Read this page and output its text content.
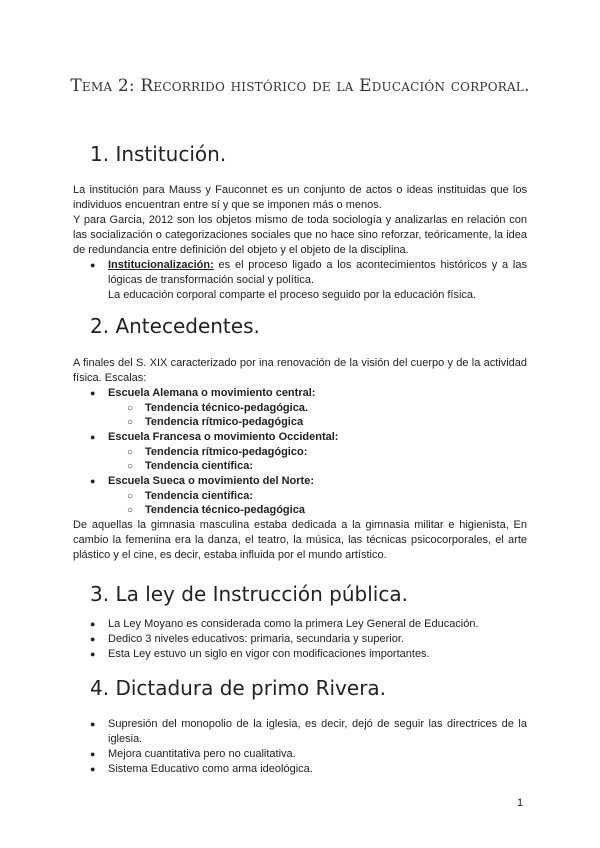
Tema 2: Recorrido histórico de la Educación corporal.
1. Institución.

La institución para Mauss y Fauconnet es un conjunto de actos o ideas instituidas que los individuos encuentran entre sí y que se imponen más o menos.

Y para Garcia, 2012 son los objetos mismo de toda sociología y analizarlas en relación con las socialización o categorizaciones sociales que no hace sino reforzar, teóricamente, la idea de redundancia entre definición del objeto y el objeto de la disciplina.

● Institucionalización: es el proceso ligado a los acontecimientos históricos y a las lógicas de transformación social y política.

La educación corporal comparte el proceso seguido por la educación física.

2. Antecedentes.

A finales del S. XIX caracterizado por ina renovación de la visión del cuerpo y de la actividad física. Escalas:

● Escuela Alemana o movimiento central:
○ Tendencia técnico-pedagógica.
○ Tendencia rítmico-pedagógica
● Escuela Francesa o movimiento Occidental:
○ Tendencia rítmico-pedagógico:
○ Tendencia científica:
● Escuela Sueca o movimiento del Norte:
○ Tendencia científica:
○ Tendencia técnico-pedagógica

De aquellas la gimnasia masculina estaba dedicada a la gimnasia militar e higienista, En cambio la femenina era la danza, el teatro, la música, las técnicas psicocorporales, el arte plástico y el cine, es decir, estaba influida por el mundo artístico.

3. La ley de Instrucción pública.
● La Ley Moyano es considerada como la primera Ley General de Educación.

● Dedico 3 niveles educativos: primaria, secundaria y superior.

● Esta Ley estuvo un siglo en vigor con modificaciones importantes.

4. Dictadura de primo Rivera.
● Supresión del monopolio de la iglesia, es decir, dejó de seguir las directrices de la iglesia.

● Mejora cuantitativa pero no cualitativa.

● Sistema Educativo como arma ideológica.

1
